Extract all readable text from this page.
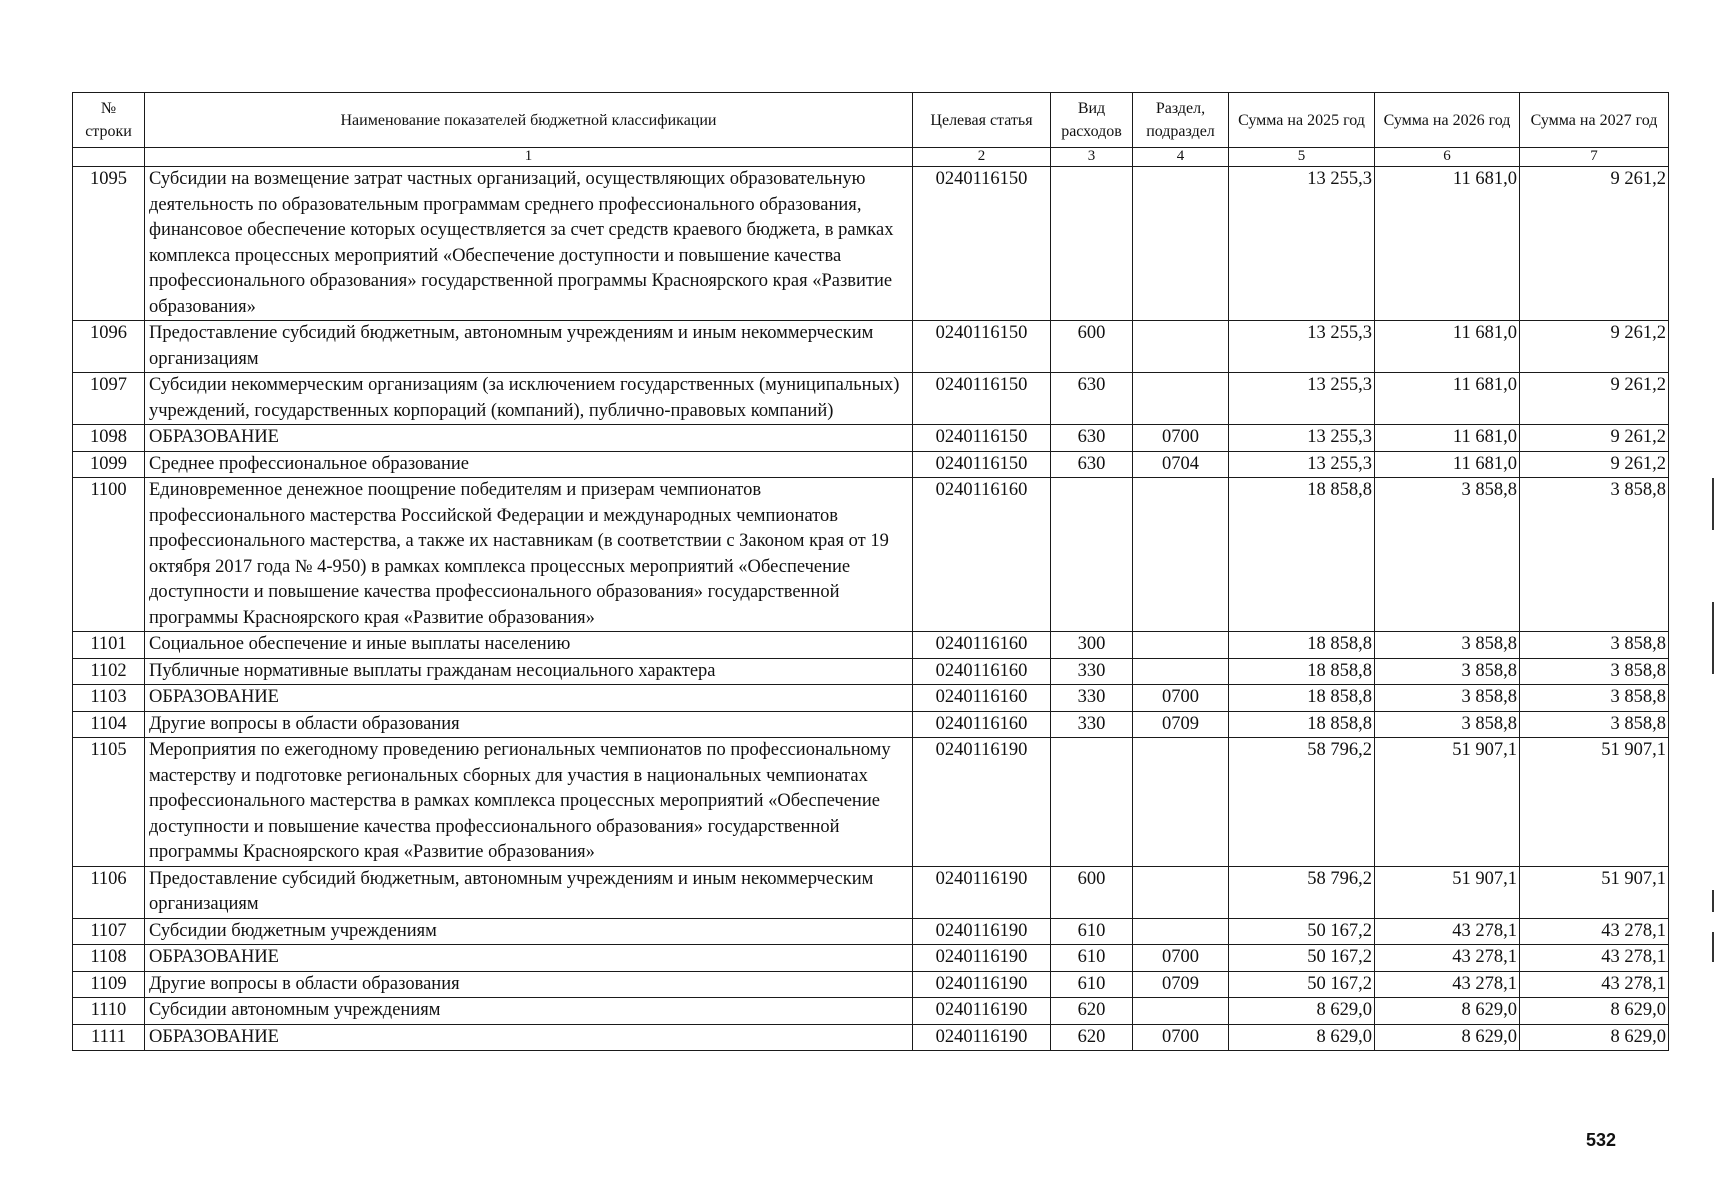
№ строки	Наименование показателей бюджетной классификации	Целевая статья	Вид расходов	Раздел, подраздел	Сумма на 2025 год	Сумма на 2026 год	Сумма на 2027 год
	1	2	3	4	5	6	7
1095	Субсидии на возмещение затрат частных организаций, осуществляющих образовательную деятельность по образовательным программам среднего профессионального образования, финансовое обеспечение которых осуществляется за счет средств краевого бюджета, в рамках комплекса процессных мероприятий «Обеспечение доступности и повышение качества профессионального образования» государственной программы Красноярского края «Развитие образования»	0240116150			13 255,3	11 681,0	9 261,2
1096	Предоставление субсидий бюджетным, автономным учреждениям и иным некоммерческим организациям	0240116150	600		13 255,3	11 681,0	9 261,2
1097	Субсидии некоммерческим организациям (за исключением государственных (муниципальных) учреждений, государственных корпораций (компаний), публично-правовых компаний)	0240116150	630		13 255,3	11 681,0	9 261,2
1098	ОБРАЗОВАНИЕ	0240116150	630	0700	13 255,3	11 681,0	9 261,2
1099	Среднее профессиональное образование	0240116150	630	0704	13 255,3	11 681,0	9 261,2
1100	Единовременное денежное поощрение победителям и призерам чемпионатов профессионального мастерства Российской Федерации и международных чемпионатов профессионального мастерства, а также их наставникам (в соответствии с Законом края от 19 октября 2017 года № 4-950) в рамках комплекса процессных мероприятий «Обеспечение доступности и повышение качества профессионального образования» государственной программы Красноярского края «Развитие образования»	0240116160			18 858,8	3 858,8	3 858,8
1101	Социальное обеспечение и иные выплаты населению	0240116160	300		18 858,8	3 858,8	3 858,8
1102	Публичные нормативные выплаты гражданам несоциального характера	0240116160	330		18 858,8	3 858,8	3 858,8
1103	ОБРАЗОВАНИЕ	0240116160	330	0700	18 858,8	3 858,8	3 858,8
1104	Другие вопросы в области образования	0240116160	330	0709	18 858,8	3 858,8	3 858,8
1105	Мероприятия по ежегодному проведению региональных чемпионатов по профессиональному мастерству и подготовке региональных сборных для участия в национальных чемпионатах профессионального мастерства в рамках комплекса процессных мероприятий «Обеспечение доступности и повышение качества профессионального образования» государственной программы Красноярского края «Развитие образования»	0240116190			58 796,2	51 907,1	51 907,1
1106	Предоставление субсидий бюджетным, автономным учреждениям и иным некоммерческим организациям	0240116190	600		58 796,2	51 907,1	51 907,1
1107	Субсидии бюджетным учреждениям	0240116190	610		50 167,2	43 278,1	43 278,1
1108	ОБРАЗОВАНИЕ	0240116190	610	0700	50 167,2	43 278,1	43 278,1
1109	Другие вопросы в области образования	0240116190	610	0709	50 167,2	43 278,1	43 278,1
1110	Субсидии автономным учреждениям	0240116190	620		8 629,0	8 629,0	8 629,0
1111	ОБРАЗОВАНИЕ	0240116190	620	0700	8 629,0	8 629,0	8 629,0
532
